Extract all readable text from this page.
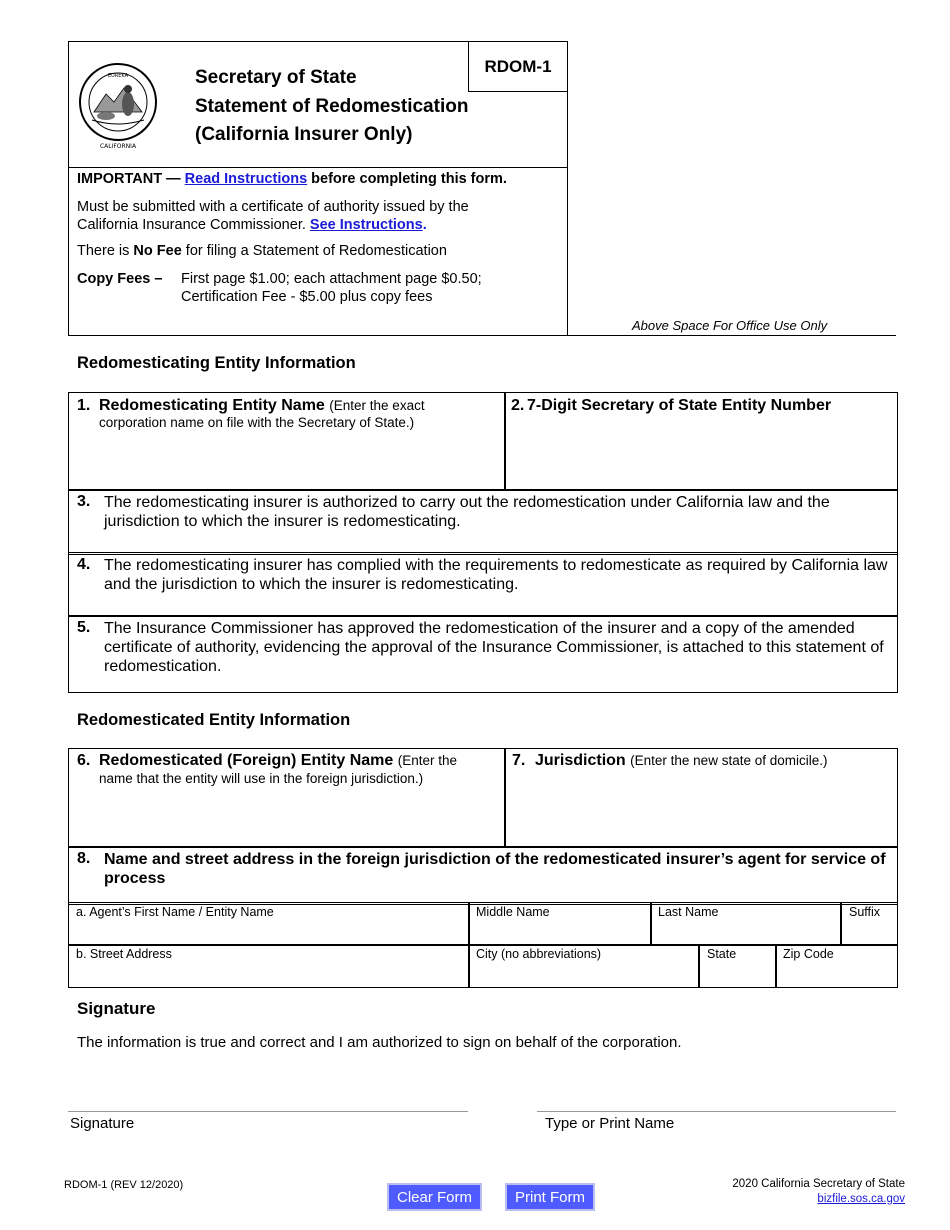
RDOM-1
EUREKA
CALIFORNIA
Secretary of State
Statement of Redomestication
(California Insurer Only)
IMPORTANT — Read Instructions before completing this form.
Must be submitted with a certificate of authority issued by the California Insurance Commissioner. See Instructions.
There is No Fee for filing a Statement of Redomestication
Copy Fees – First page $1.00; each attachment page $0.50;
Certification Fee - $5.00 plus copy fees
Above Space For Office Use Only
Redomesticating Entity Information
1. Redomesticating Entity Name (Enter the exact
corporation name on file with the Secretary of State.)
2. 7-Digit Secretary of State Entity Number
3. The redomesticating insurer is authorized to carry out the redomestication under California law and the jurisdiction to which the insurer is redomesticating.
4. The redomesticating insurer has complied with the requirements to redomesticate as required by California law and the jurisdiction to which the insurer is redomesticating.
5. The Insurance Commissioner has approved the redomestication of the insurer and a copy of the amended certificate of authority, evidencing the approval of the Insurance Commissioner, is attached to this statement of redomestication.
Redomesticated Entity Information
6. Redomesticated (Foreign) Entity Name (Enter the
name that the entity will use in the foreign jurisdiction.)
7. Jurisdiction (Enter the new state of domicile.)
8. Name and street address in the foreign jurisdiction of the redomesticated insurer’s agent for service of process
a. Agent’s First Name / Entity Name	Middle Name	Last Name	Suffix
b. Street Address	City (no abbreviations)	State	Zip Code
Signature
The information is true and correct and I am authorized to sign on behalf of the corporation.
Signature	Type or Print Name
RDOM-1 (REV 12/2020)
Clear Form	Print Form
2020 California Secretary of State
bizfile.sos.ca.gov
